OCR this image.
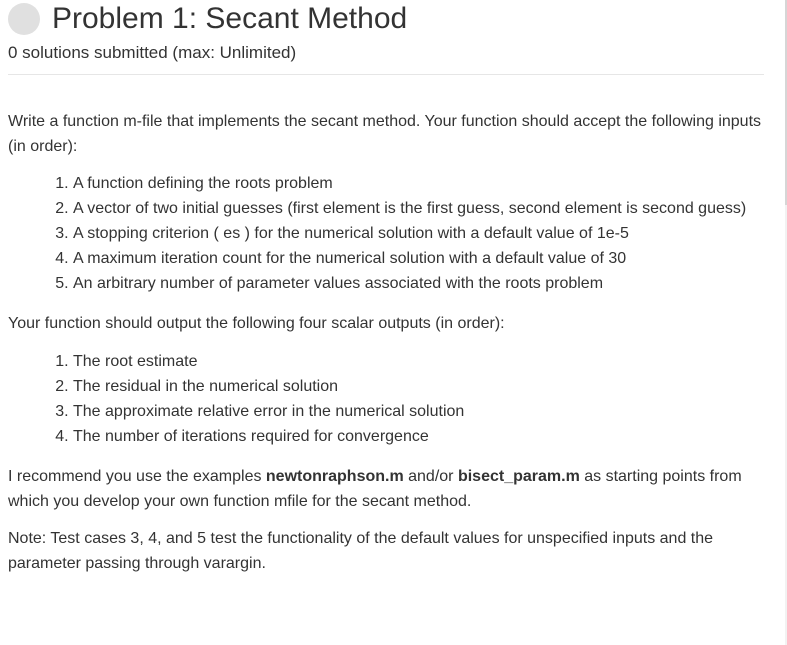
Problem 1: Secant Method
0 solutions submitted (max: Unlimited)

Write a function m-file that implements the secant method. Your function should accept the following inputs (in order):

1. A function defining the roots problem
2. A vector of two initial guesses (first element is the first guess, second element is second guess)
3. A stopping criterion ( es ) for the numerical solution with a default value of 1e-5
4. A maximum iteration count for the numerical solution with a default value of 30
5. An arbitrary number of parameter values associated with the roots problem

Your function should output the following four scalar outputs (in order):

1. The root estimate
2. The residual in the numerical solution
3. The approximate relative error in the numerical solution
4. The number of iterations required for convergence

I recommend you use the examples newtonraphson.m and/or bisect_param.m as starting points from which you develop your own function mfile for the secant method.

Note: Test cases 3, 4, and 5 test the functionality of the default values for unspecified inputs and the parameter passing through varargin.
